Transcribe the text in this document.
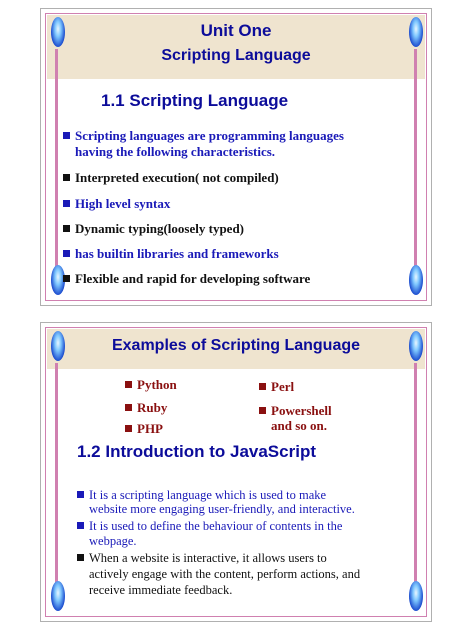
Unit One
Scripting Language
1.1 Scripting Language
Scripting languages are programming languages
having the following characteristics.
Interpreted execution( not compiled)
High level syntax
Dynamic typing(loosely typed)
has builtin libraries and frameworks
Flexible and rapid for developing software
Examples of Scripting Language
Python
Ruby
PHP
Perl
Powershell
and so on.
1.2 Introduction to JavaScript
It is a scripting language which is used to make
website more engaging user-friendly, and interactive.
It is used to define the behaviour of contents in the
webpage.
When a website is interactive, it allows users to
actively engage with the content, perform actions, and
receive immediate feedback.
